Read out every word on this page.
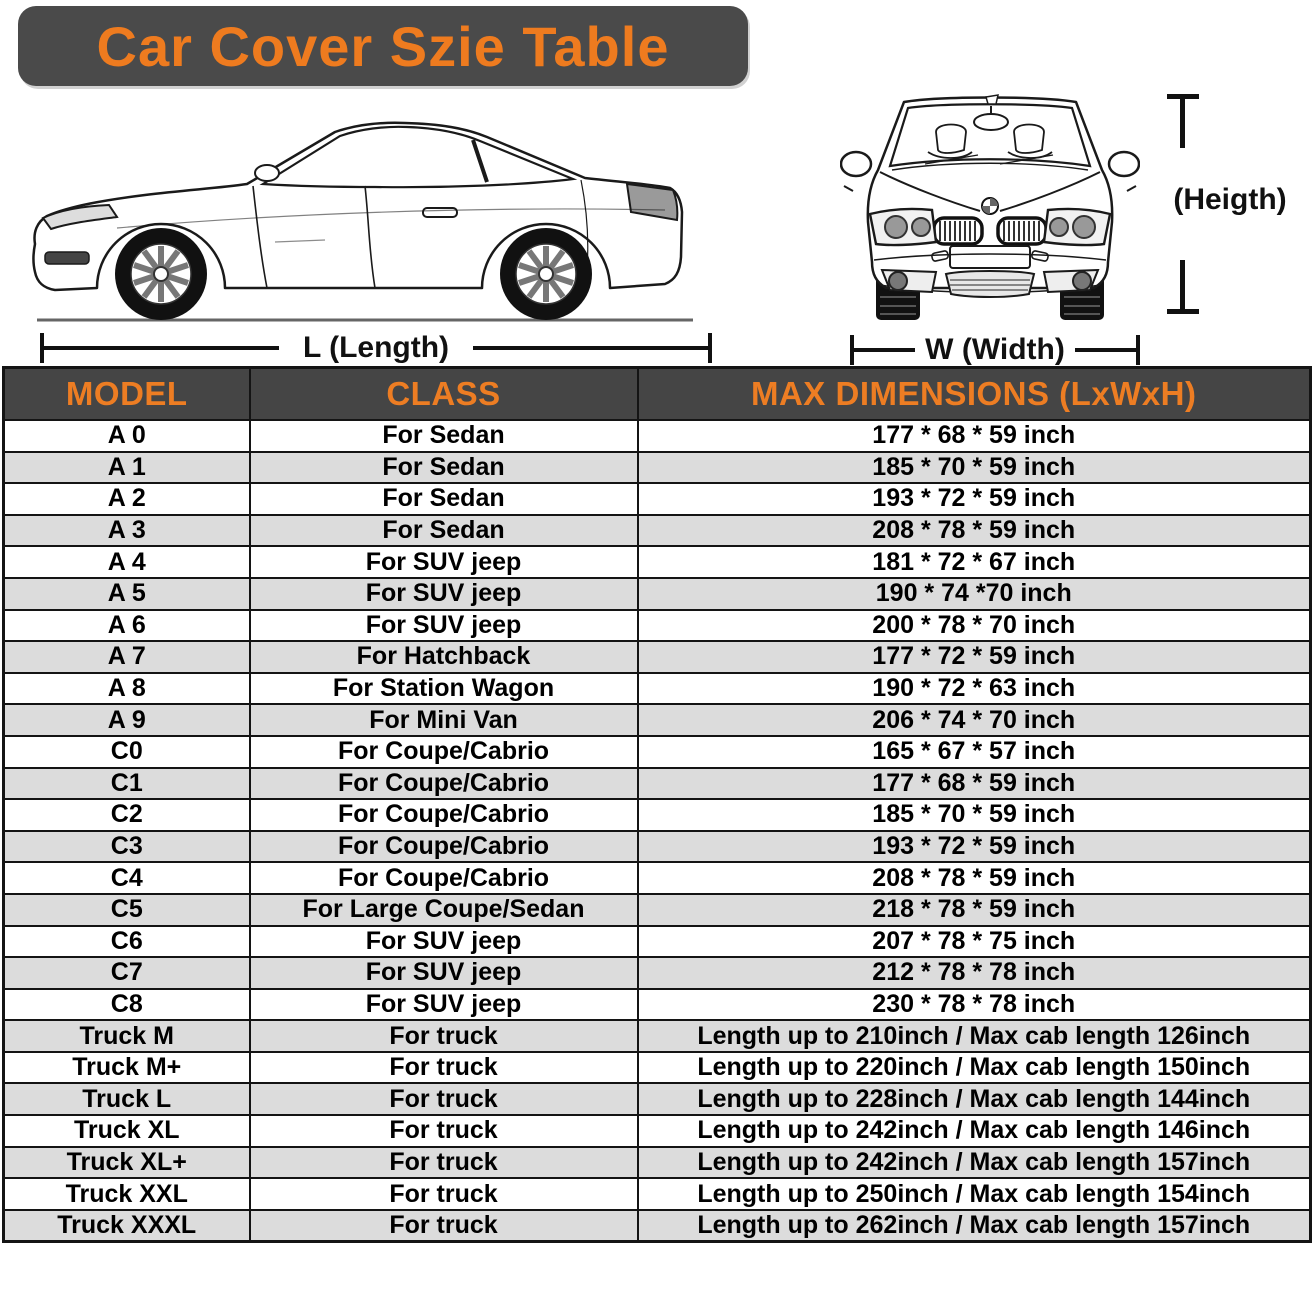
Car Cover Szie Table
L (Length)	W (Width)
(Heigth)
MODEL	CLASS	MAX DIMENSIONS (LxWxH)
A 0	For Sedan	177 * 68 * 59 inch
A 1	For Sedan	185 * 70 * 59 inch
A 2	For Sedan	193 * 72 * 59 inch
A 3	For Sedan	208 * 78 * 59 inch
A 4	For SUV jeep	181 * 72 * 67 inch
A 5	For SUV jeep	190 * 74 *70 inch
A 6	For SUV jeep	200 * 78 * 70 inch
A 7	For Hatchback	177 * 72 * 59 inch
A 8	For Station Wagon	190 * 72 * 63 inch
A 9	For Mini Van	206 * 74 * 70 inch
C0	For Coupe/Cabrio	165 * 67 * 57 inch
C1	For Coupe/Cabrio	177 * 68 * 59 inch
C2	For Coupe/Cabrio	185 * 70 * 59 inch
C3	For Coupe/Cabrio	193 * 72 * 59 inch
C4	For Coupe/Cabrio	208 * 78 * 59 inch
C5	For Large Coupe/Sedan	218 * 78 * 59 inch
C6	For SUV jeep	207 * 78 * 75 inch
C7	For SUV jeep	212 * 78 * 78 inch
C8	For SUV jeep	230 * 78 * 78 inch
Truck M	For truck	Length up to 210inch / Max cab length 126inch
Truck M+	For truck	Length up to 220inch / Max cab length 150inch
Truck L	For truck	Length up to 228inch / Max cab length 144inch
Truck XL	For truck	Length up to 242inch / Max cab length 146inch
Truck XL+	For truck	Length up to 242inch / Max cab length 157inch
Truck XXL	For truck	Length up to 250inch / Max cab length 154inch
Truck XXXL	For truck	Length up to 262inch / Max cab length 157inch
